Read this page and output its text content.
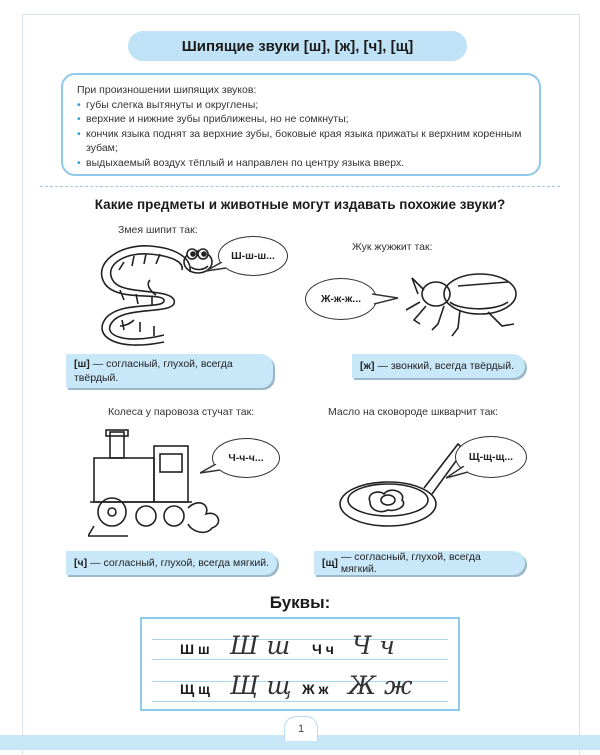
Шипящие звуки [ш], [ж], [ч], [щ]
При произношении шипящих звуков:
• губы слегка вытянуты и округлены;
• верхние и нижние зубы приближены, но не сомкнуты;
• кончик языка поднят за верхние зубы, боковые края языка прижаты к верхним коренным зубам;
• выдыхаемый воздух тёплый и направлен по центру языка вверх.
Какие предметы и животные могут издавать похожие звуки?
Змея шипит так:
Ш-ш-ш...
[ш] — согласный, глухой, всегда твёрдый.
Жук жужжит так:
Ж-ж-ж...
[ж] — звонкий, всегда твёрдый.
Колеса у паровоза стучат так:
Ч-ч-ч...
[ч] — согласный, глухой, всегда мягкий.
Масло на сковороде шкварчит так:
Щ-щ-щ...
[щ] — согласный, глухой, всегда мягкий.
Буквы:
Ш ш Ш ш Ч ч Ч ч
Щ щ Щ щ Ж ж Ж ж
1
